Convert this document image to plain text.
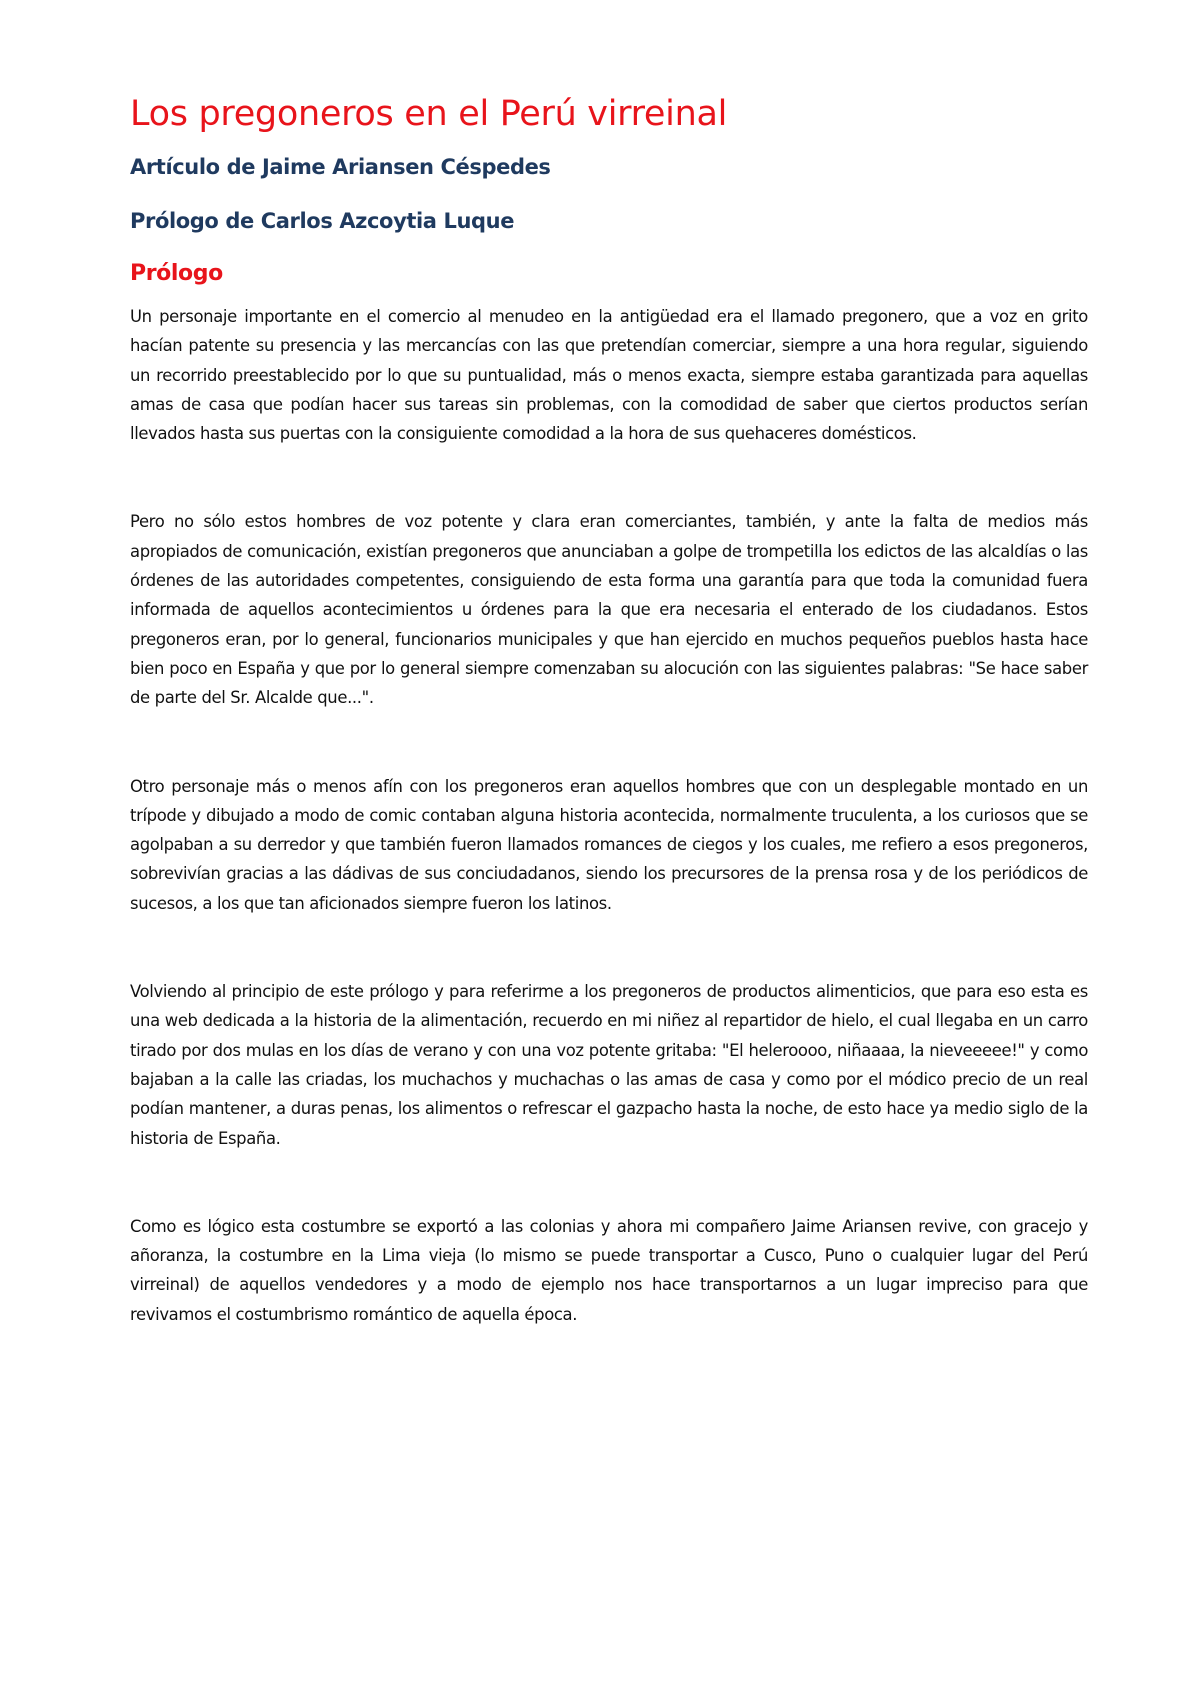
Los pregoneros en el Perú virreinal
Artículo de Jaime Ariansen Céspedes
Prólogo de Carlos Azcoytia Luque
Prólogo

Un personaje importante en el comercio al menudeo en la antigüedad era el llamado pregonero, que a voz en grito hacían patente su presencia y las mercancías con las que pretendían comerciar, siempre a una hora regular, siguiendo un recorrido preestablecido por lo que su puntualidad, más o menos exacta, siempre estaba garantizada para aquellas amas de casa que podían hacer sus tareas sin problemas, con la comodidad de saber que ciertos productos serían llevados hasta sus puertas con la consiguiente comodidad a la hora de sus quehaceres domésticos.

Pero no sólo estos hombres de voz potente y clara eran comerciantes, también, y ante la falta de medios más apropiados de comunicación, existían pregoneros que anunciaban a golpe de trompetilla los edictos de las alcaldías o las órdenes de las autoridades competentes, consiguiendo de esta forma una garantía para que toda la comunidad fuera informada de aquellos acontecimientos u órdenes para la que era necesaria el enterado de los ciudadanos. Estos pregoneros eran, por lo general, funcionarios municipales y que han ejercido en muchos pequeños pueblos hasta hace bien poco en España y que por lo general siempre comenzaban su alocución con las siguientes palabras: "Se hace saber de parte del Sr. Alcalde que...".

Otro personaje más o menos afín con los pregoneros eran aquellos hombres que con un desplegable montado en un trípode y dibujado a modo de comic contaban alguna historia acontecida, normalmente truculenta, a los curiosos que se agolpaban a su derredor y que también fueron llamados romances de ciegos y los cuales, me refiero a esos pregoneros, sobrevivían gracias a las dádivas de sus conciudadanos, siendo los precursores de la prensa rosa y de los periódicos de sucesos, a los que tan aficionados siempre fueron los latinos.

Volviendo al principio de este prólogo y para referirme a los pregoneros de productos alimenticios, que para eso esta es una web dedicada a la historia de la alimentación, recuerdo en mi niñez al repartidor de hielo, el cual llegaba en un carro tirado por dos mulas en los días de verano y con una voz potente gritaba: "El heleroooo, niñaaaa, la nieveeeee!" y como bajaban a la calle las criadas, los muchachos y muchachas o las amas de casa y como por el módico precio de un real podían mantener, a duras penas, los alimentos o refrescar el gazpacho hasta la noche, de esto hace ya medio siglo de la historia de España.

Como es lógico esta costumbre se exportó a las colonias y ahora mi compañero Jaime Ariansen revive, con gracejo y añoranza, la costumbre en la Lima vieja (lo mismo se puede transportar a Cusco, Puno o cualquier lugar del Perú virreinal) de aquellos vendedores y a modo de ejemplo nos hace transportarnos a un lugar impreciso para que revivamos el costumbrismo romántico de aquella época.
